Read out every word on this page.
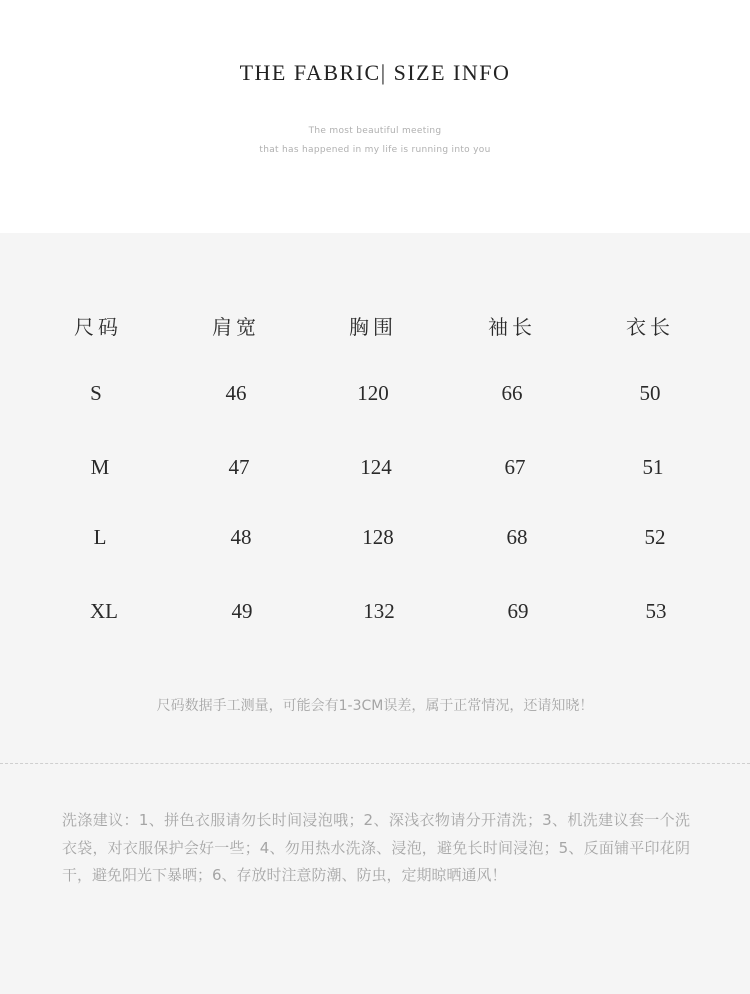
THE FABRIC| SIZE INFO
The most beautiful meeting
that has happened in my life is running into you
尺码	肩宽	胸围	袖长	衣长
S	46	120	66	50
M	47	124	67	51
L	48	128	68	52
XL	49	132	69	53
尺码数据手工测量，可能会有1-3CM误差，属于正常情况，还请知晓！
洗涤建议：1、拼色衣服请勿长时间浸泡哦；2、深浅衣物请分开清洗；3、机洗建议套一个洗衣袋，对衣服保护会好一些；4、勿用热水洗涤、浸泡，避免长时间浸泡；5、反面铺平印花阴干，避免阳光下暴晒；6、存放时注意防潮、防虫，定期晾晒通风！
